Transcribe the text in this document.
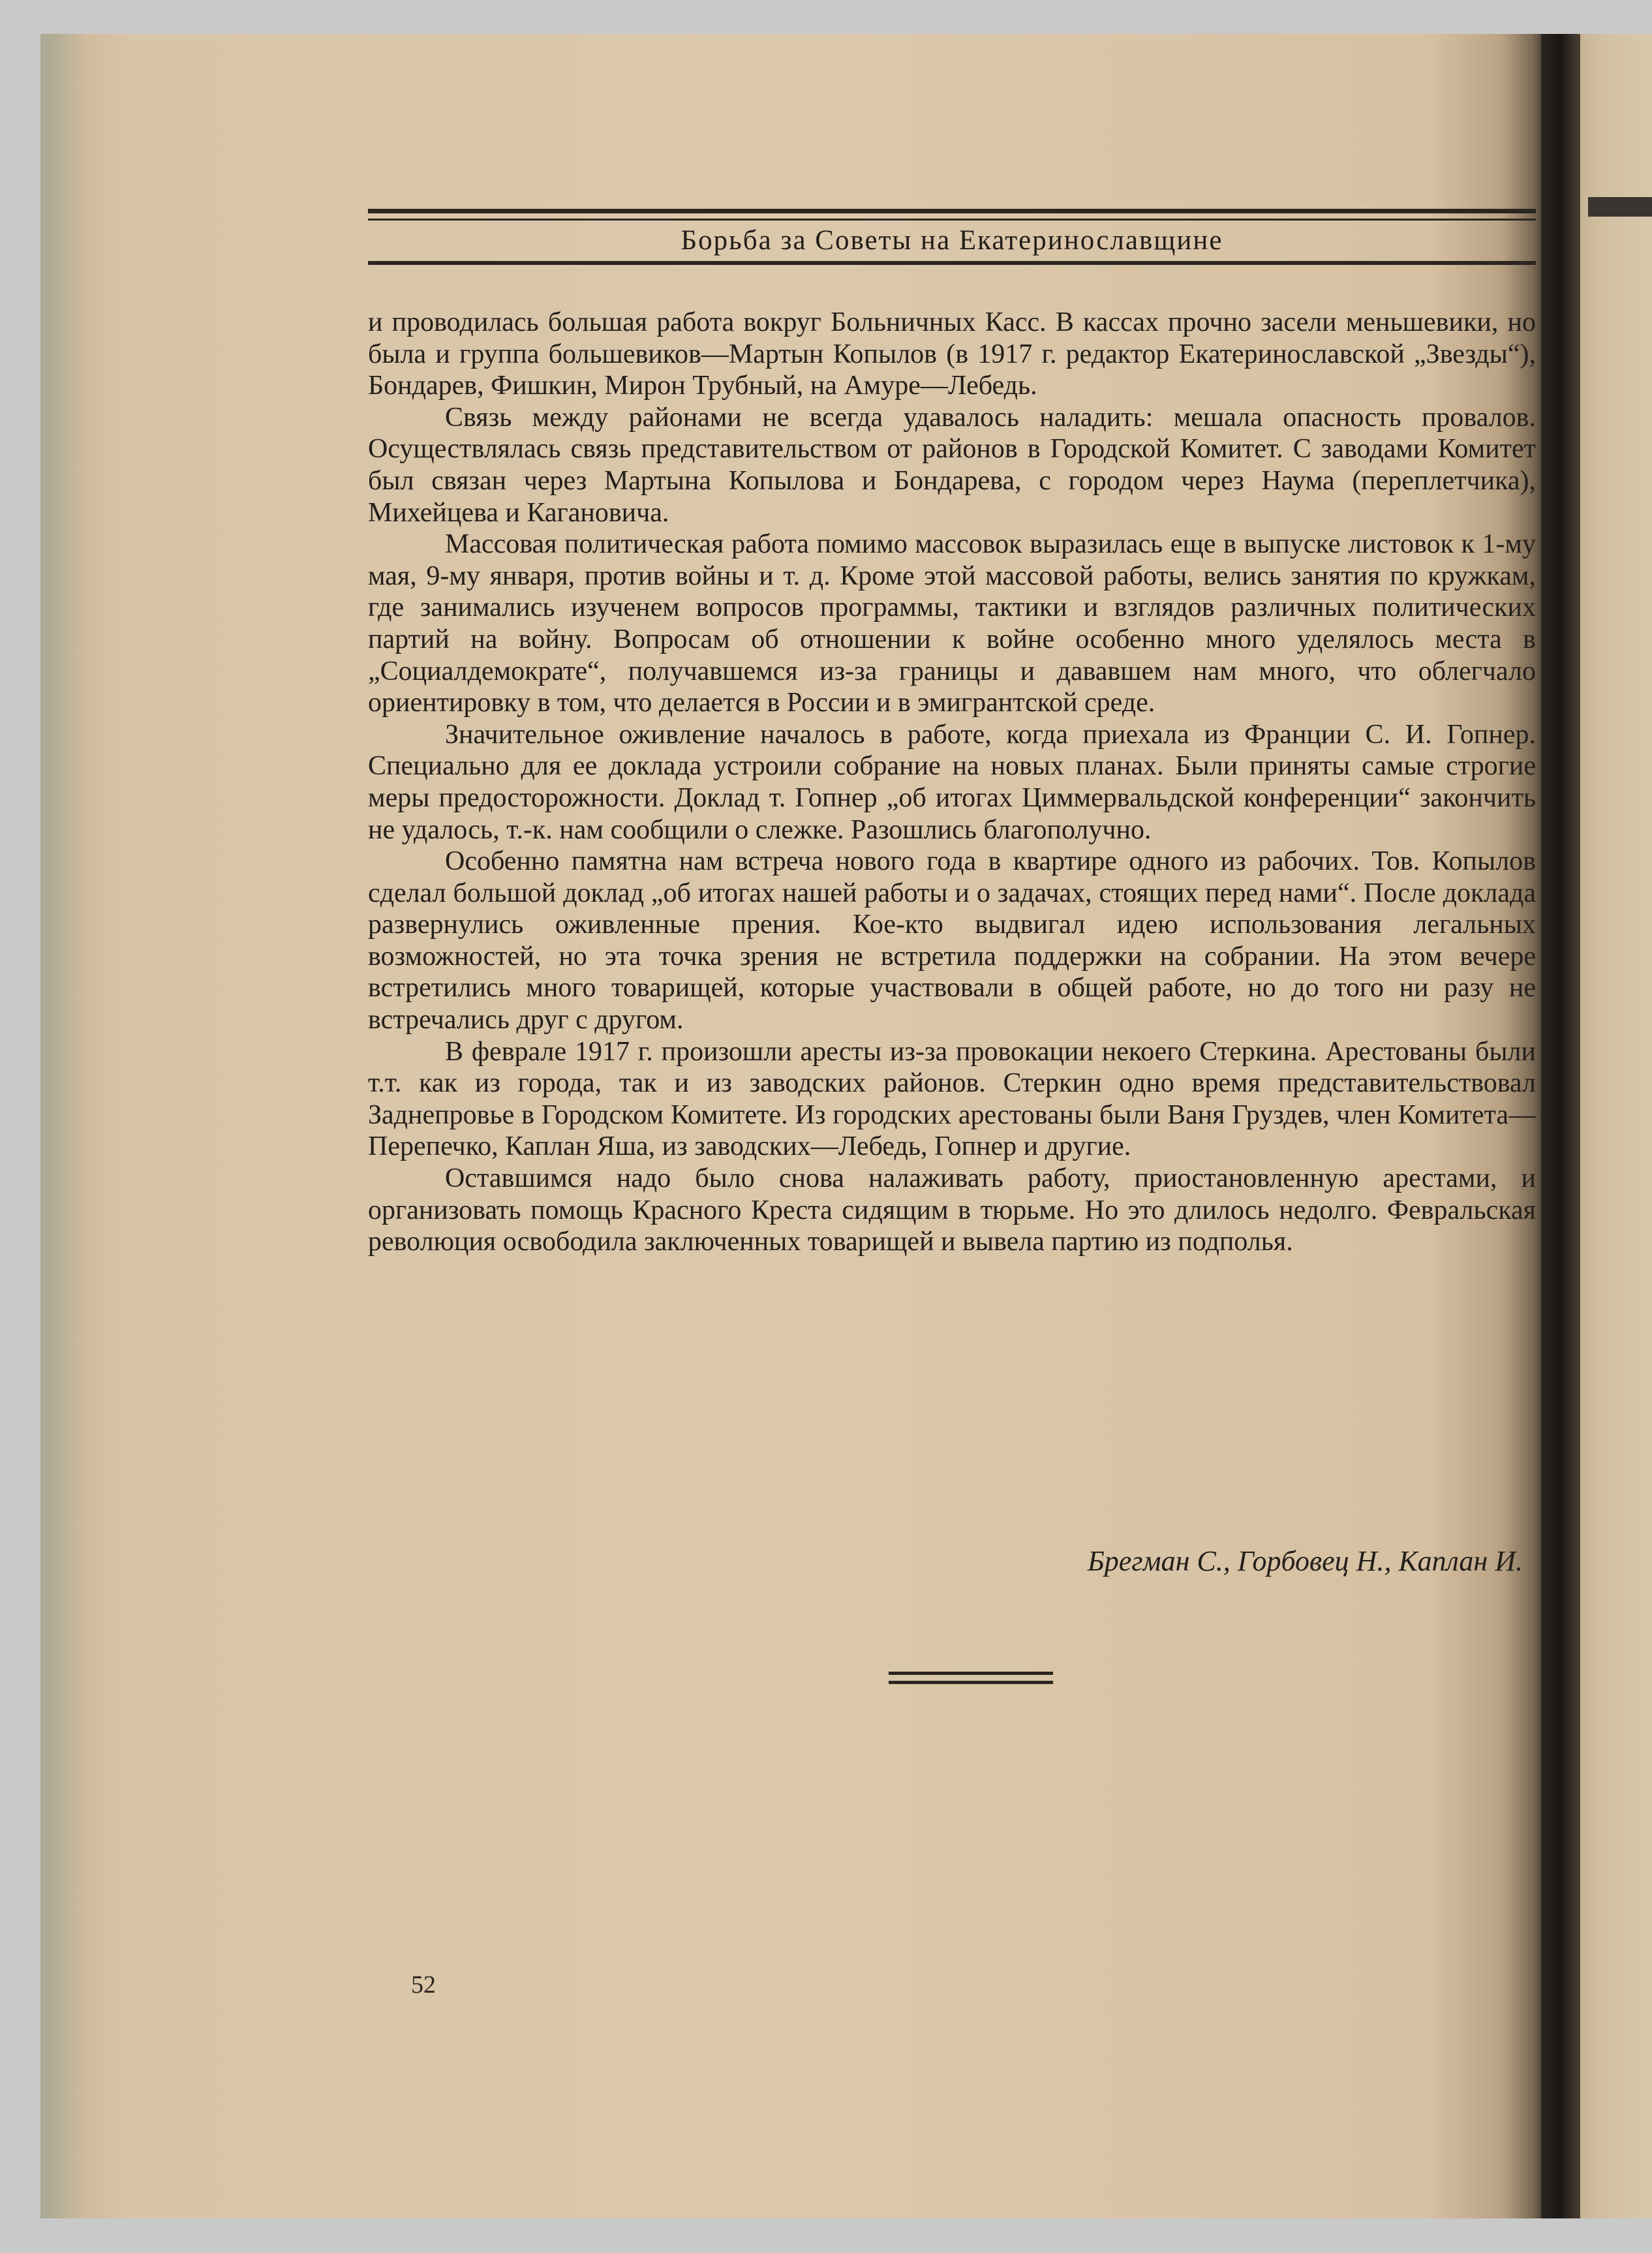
Борьба за Советы на Екатеринославщине

и проводилась большая работа вокруг Больничных Касс. В кассах прочно засели меньшевики, но была и группа большевиков—Мартын Копылов (в 1917 г. редактор Екатеринославской „Звезды“), Бондарев, Фишкин, Мирон Трубный, на Амуре—Лебедь.

Связь между районами не всегда удавалось наладить: мешала опасность провалов. Осуществлялась связь представительством от районов в Городской Комитет. С заводами Комитет был связан через Мартына Копылова и Бондарева, с городом через Наума (переплетчика), Михейцева и Кагановича.

Массовая политическая работа помимо массовок выразилась еще в выпуске листовок к 1-му мая, 9-му января, против войны и т. д. Кроме этой массовой работы, велись занятия по кружкам, где занимались изученем вопросов программы, тактики и взглядов различных политических партий на войну. Вопросам об отношении к войне особенно много уделялось места в „Социалдемократе“, получавшемся из-за границы и дававшем нам много, что облегчало ориентировку в том, что делается в России и в эмигрантской среде.

Значительное оживление началось в работе, когда приехала из Франции С. И. Гопнер. Специально для ее доклада устроили собрание на новых планах. Были приняты самые строгие меры предосторожности. Доклад т. Гопнер „об итогах Циммервальдской конференции“ закончить не удалось, т.-к. нам сообщили о слежке. Разошлись благополучно.

Особенно памятна нам встреча нового года в квартире одного из рабочих. Тов. Копылов сделал большой доклад „об итогах нашей работы и о задачах, стоящих перед нами“. После доклада развернулись оживленные прения. Кое-кто выдвигал идею использования легальных возможностей, но эта точка зрения не встретила поддержки на собрании. На этом вечере встретились много товарищей, которые участвовали в общей работе, но до того ни разу не встречались друг с другом.

В феврале 1917 г. произошли аресты из-за провокации некоего Стеркина. Арестованы были т.т. как из города, так и из заводских районов. Стеркин одно время представительствовал Заднепровье в Городском Комитете. Из городских арестованы были Ваня Груздев, член Комитета—Перепечко, Каплан Яша, из заводских—Лебедь, Гопнер и другие.

Оставшимся надо было снова налаживать работу, приостановленную арестами, и организовать помощь Красного Креста сидящим в тюрьме. Но это длилось недолго. Февральская революция освободила заключенных товарищей и вывела партию из подполья.

Брегман С., Горбовец Н., Каплан И.
52
